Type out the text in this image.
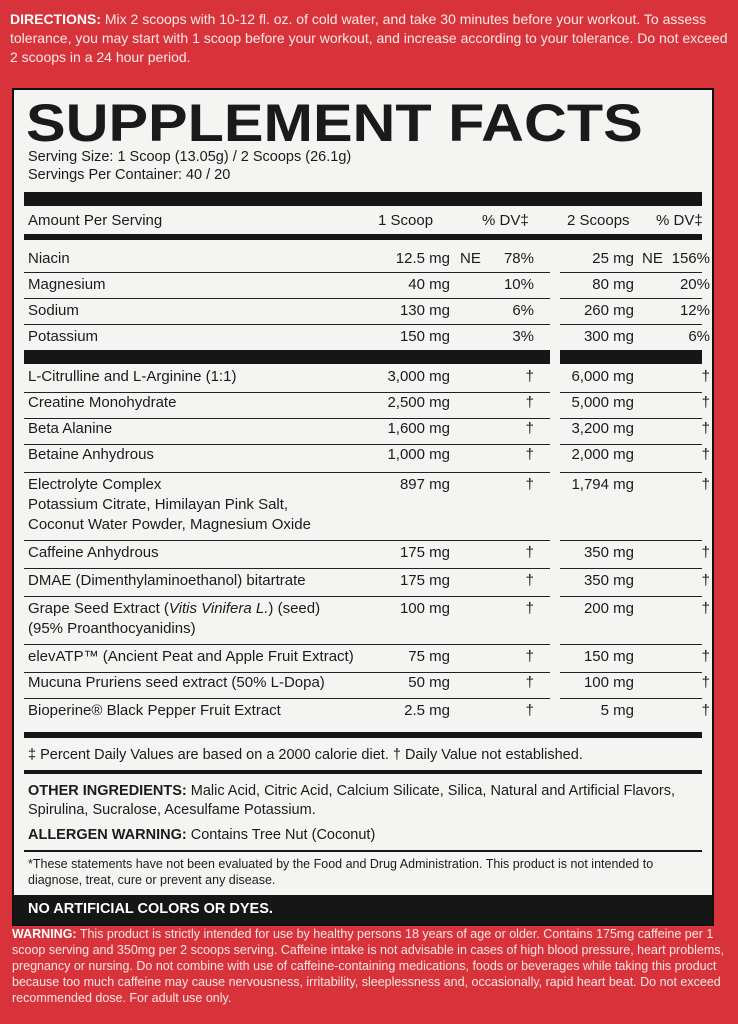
DIRECTIONS: Mix 2 scoops with 10-12 fl. oz. of cold water, and take 30 minutes before your workout. To assess tolerance, you may start with 1 scoop before your workout, and increase according to your tolerance. Do not exceed 2 scoops in a 24 hour period.
SUPPLEMENT FACTS
Serving Size: 1 Scoop (13.05g) / 2 Scoops (26.1g)
Servings Per Container: 40 / 20
Amount Per Serving	1 Scoop	% DV‡	2 Scoops % DV‡
Niacin	12.5 mg NE 78%	25 mg NE 156%
Magnesium	40 mg	10%	80 mg	20%
Sodium	130 mg	6%	260 mg	12%
Potassium	150 mg	3%	300 mg	6%
L-Citrulline and L-Arginine (1:1)	3,000 mg	† 6,000 mg	†
Creatine Monohydrate	2,500 mg	† 5,000 mg	†
Beta Alanine	1,600 mg	† 3,200 mg	†
Betaine Anhydrous	1,000 mg	† 2,000 mg	†
Electrolyte Complex
Potassium Citrate, Himilayan Pink Salt,
Coconut Water Powder, Magnesium Oxide
897 mg	† 1,794 mg	†
Caffeine Anhydrous	175 mg	†	350 mg	†
DMAE (Dimenthylaminoethanol) bitartrate	175 mg	†	350 mg	†
Grape Seed Extract (Vitis Vinifera L.) (seed)
(95% Proanthocyanidins)
100 mg	†	200 mg	†
elevATP™ (Ancient Peat and Apple Fruit Extract)	75 mg	†	150 mg	†
Mucuna Pruriens seed extract (50% L-Dopa)	50 mg	†	100 mg	†
Bioperine® Black Pepper Fruit Extract	2.5 mg	†	5 mg	†
‡ Percent Daily Values are based on a 2000 calorie diet. † Daily Value not established.
OTHER INGREDIENTS: Malic Acid, Citric Acid, Calcium Silicate, Silica, Natural and Artificial Flavors, Spirulina, Sucralose, Acesulfame Potassium.
ALLERGEN WARNING: Contains Tree Nut (Coconut)
*These statements have not been evaluated by the Food and Drug Administration. This product is not intended to diagnose, treat, cure or prevent any disease.
NO ARTIFICIAL COLORS OR DYES.
WARNING: This product is strictly intended for use by healthy persons 18 years of age or older. Contains 175mg caffeine per 1 scoop serving and 350mg per 2 scoops serving. Caffeine intake is not advisable in cases of high blood pressure, heart problems, pregnancy or nursing. Do not combine with use of caffeine-containing medications, foods or beverages while taking this product because too much caffeine may cause nervousness, irritability, sleeplessness and, occasionally, rapid heart beat. Do not exceed recommended dose. For adult use only.
